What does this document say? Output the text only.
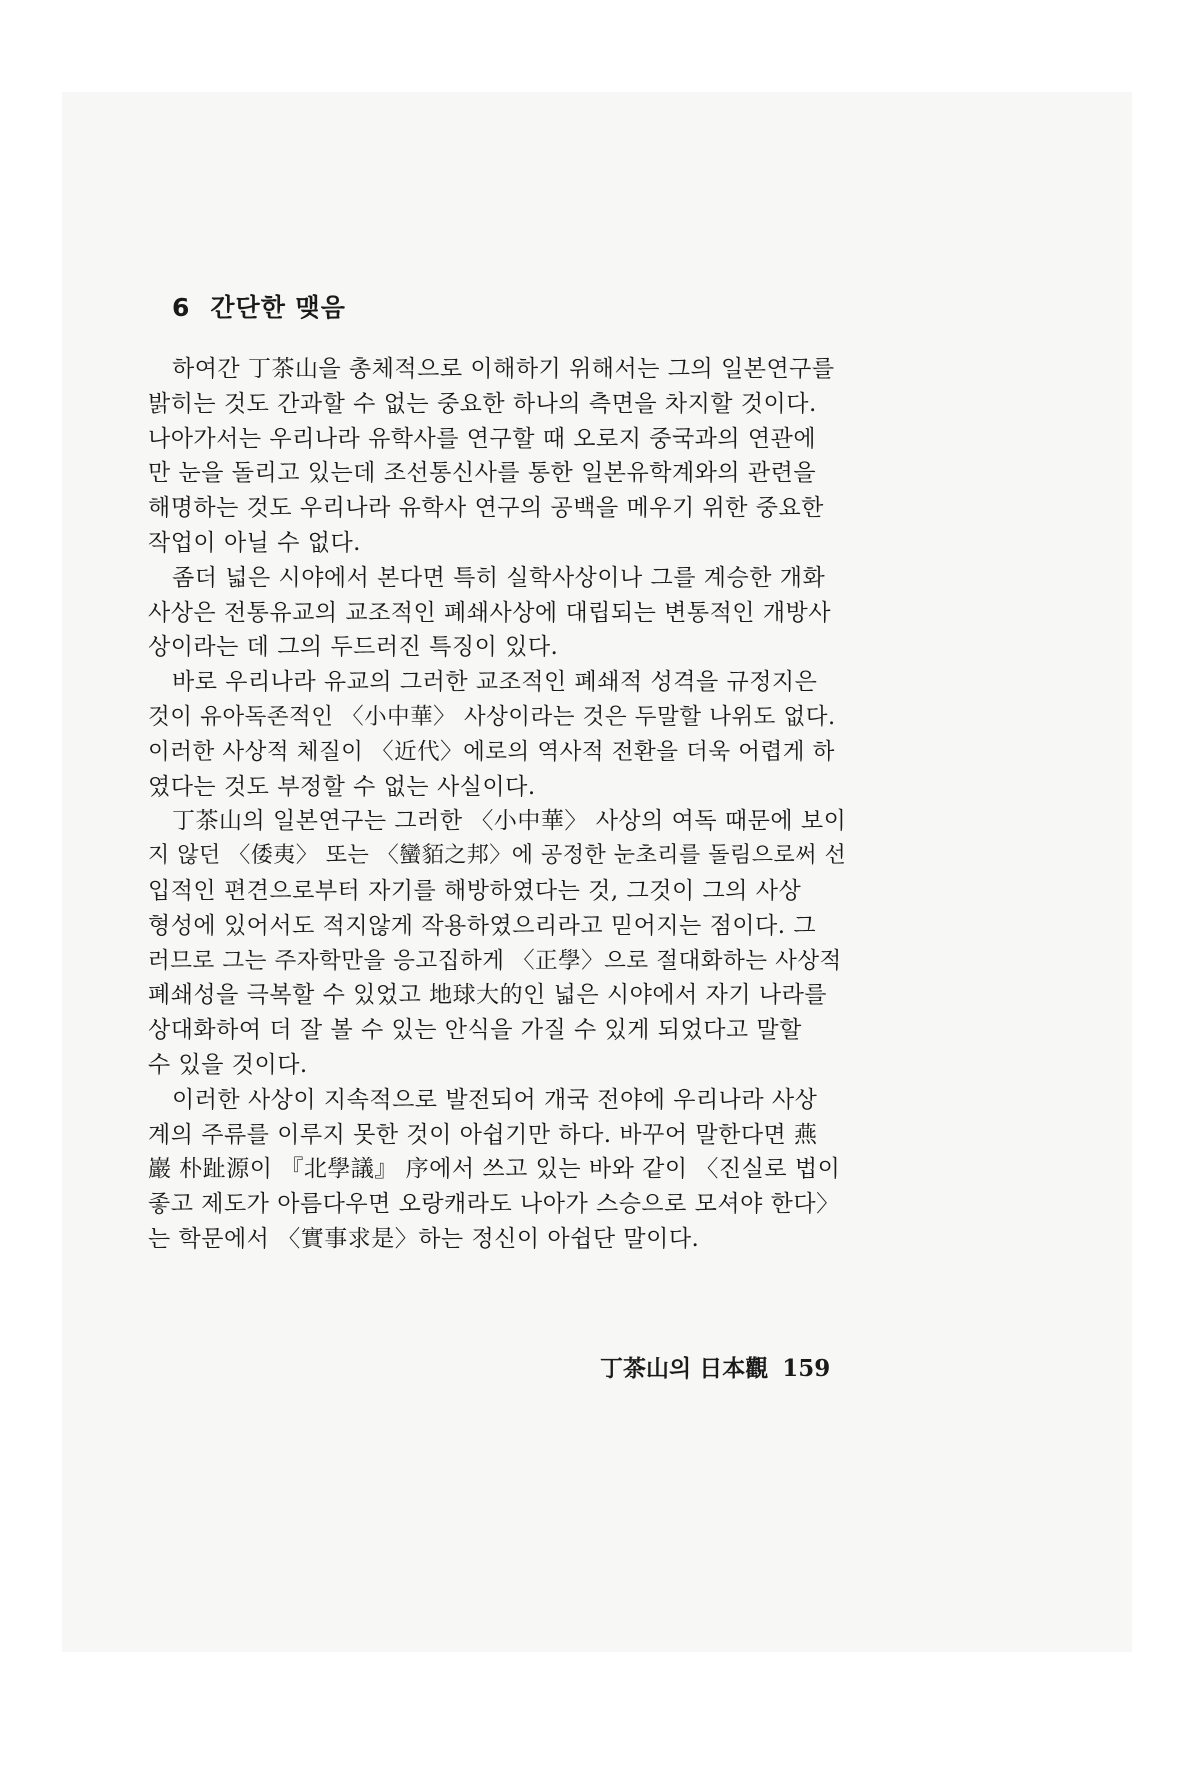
6 간단한 맺음
하여간 丁茶山을 총체적으로 이해하기 위해서는 그의 일본연구를
밝히는 것도 간과할 수 없는 중요한 하나의 측면을 차지할 것이다.
나아가서는 우리나라 유학사를 연구할 때 오로지 중국과의 연관에
만 눈을 돌리고 있는데 조선통신사를 통한 일본유학계와의 관련을
해명하는 것도 우리나라 유학사 연구의 공백을 메우기 위한 중요한
작업이 아닐 수 없다.
좀더 넓은 시야에서 본다면 특히 실학사상이나 그를 계승한 개화
사상은 전통유교의 교조적인 폐쇄사상에 대립되는 변통적인 개방사
상이라는 데 그의 두드러진 특징이 있다.
바로 우리나라 유교의 그러한 교조적인 폐쇄적 성격을 규정지은
것이 유아독존적인 〈小中華〉 사상이라는 것은 두말할 나위도 없다.
이러한 사상적 체질이 〈近代〉에로의 역사적 전환을 더욱 어렵게 하
였다는 것도 부정할 수 없는 사실이다.
丁茶山의 일본연구는 그러한 〈小中華〉 사상의 여독 때문에 보이
지 않던 〈倭夷〉 또는 〈蠻貊之邦〉에 공정한 눈초리를 돌림으로써 선
입적인 편견으로부터 자기를 해방하였다는 것, 그것이 그의 사상
형성에 있어서도 적지않게 작용하였으리라고 믿어지는 점이다. 그
러므로 그는 주자학만을 응고집하게 〈正學〉으로 절대화하는 사상적
폐쇄성을 극복할 수 있었고 地球大的인 넓은 시야에서 자기 나라를
상대화하여 더 잘 볼 수 있는 안식을 가질 수 있게 되었다고 말할
수 있을 것이다.
이러한 사상이 지속적으로 발전되어 개국 전야에 우리나라 사상
계의 주류를 이루지 못한 것이 아쉽기만 하다. 바꾸어 말한다면 燕
巖 朴趾源이 『北學議』 序에서 쓰고 있는 바와 같이 〈진실로 법이
좋고 제도가 아름다우면 오랑캐라도 나아가 스승으로 모셔야 한다〉
는 학문에서 〈實事求是〉하는 정신이 아쉽단 말이다.
丁茶山의 日本觀 159
